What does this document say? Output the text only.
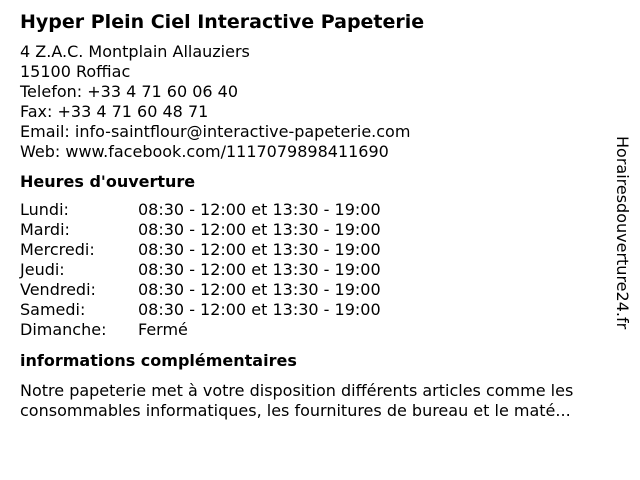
Hyper Plein Ciel Interactive Papeterie
4 Z.A.C. Montplain Allauziers
15100 Roffiac
Telefon: +33 4 71 60 06 40
Fax: +33 4 71 60 48 71
Email: info-saintflour@interactive-papeterie.com
Web: www.facebook.com/1117079898411690
Heures d'ouverture
Lundi:	08:30 - 12:00 et 13:30 - 19:00
Mardi:	08:30 - 12:00 et 13:30 - 19:00
Mercredi:	08:30 - 12:00 et 13:30 - 19:00
Jeudi:	08:30 - 12:00 et 13:30 - 19:00
Vendredi:	08:30 - 12:00 et 13:30 - 19:00
Samedi:	08:30 - 12:00 et 13:30 - 19:00
Dimanche:	Fermé
informations complémentaires
Notre papeterie met à votre disposition différents articles comme les consommables informatiques, les fournitures de bureau et le maté...
Horairesdouverture24.fr
